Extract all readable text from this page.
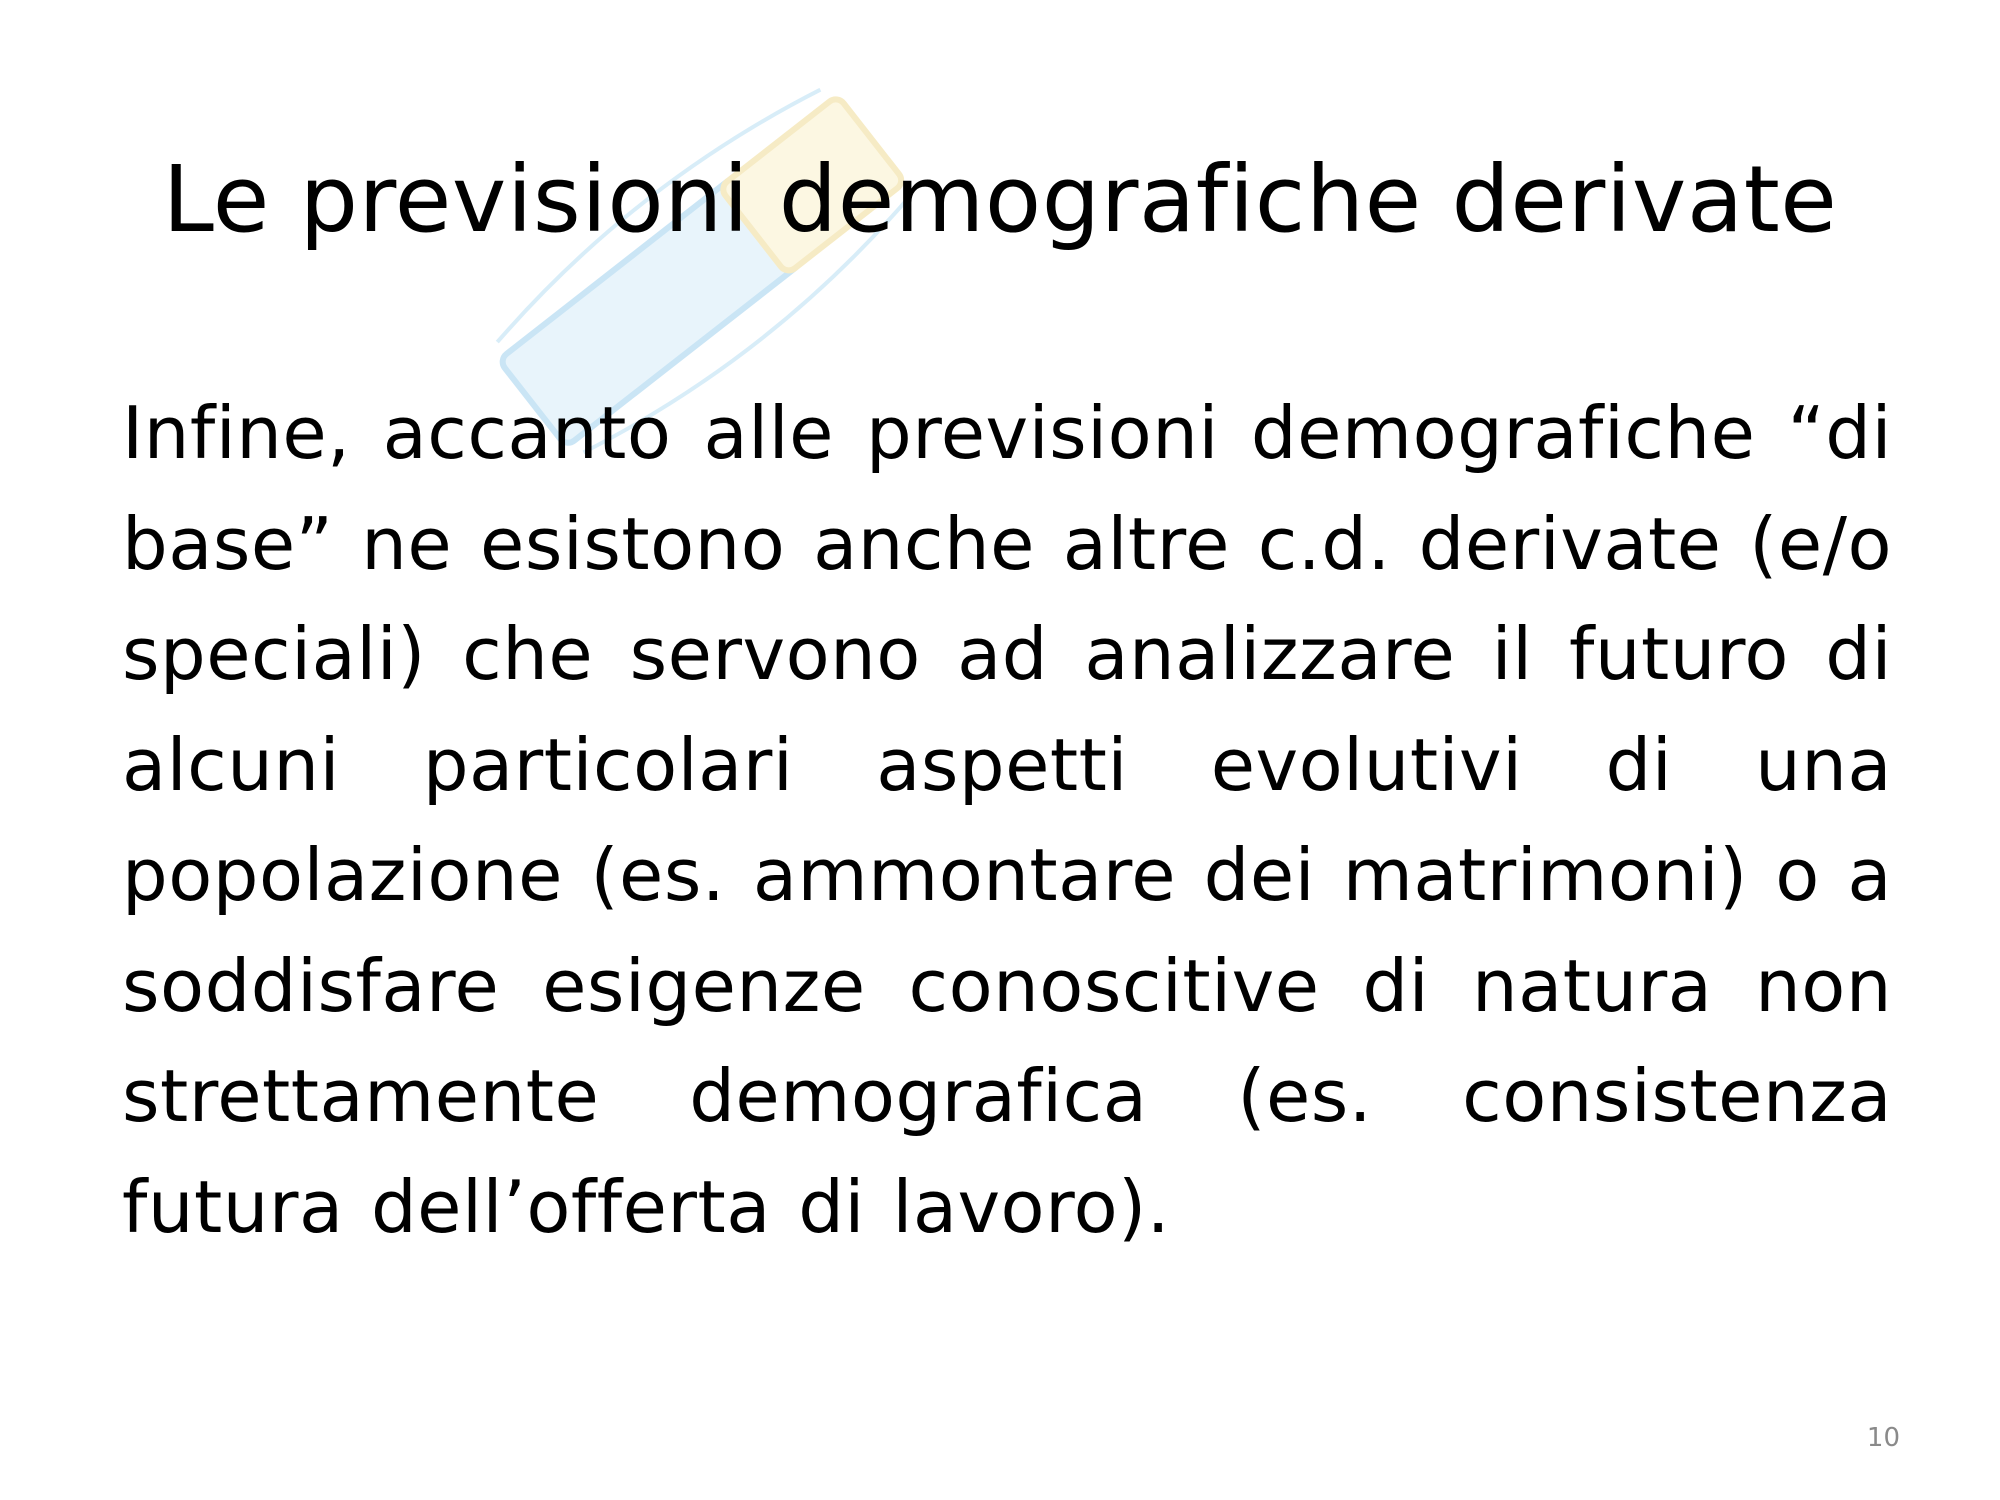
Le previsioni demografiche derivate

Infine, accanto alle previsioni demografiche “di base” ne esistono anche altre c.d. derivate (e/o speciali) che servono ad analizzare il futuro di alcuni particolari aspetti evolutivi di una popolazione (es. ammontare dei matrimoni) o a soddisfare esigenze conoscitive di natura non strettamente demografica (es. consistenza futura dell’offerta di lavoro).

10
